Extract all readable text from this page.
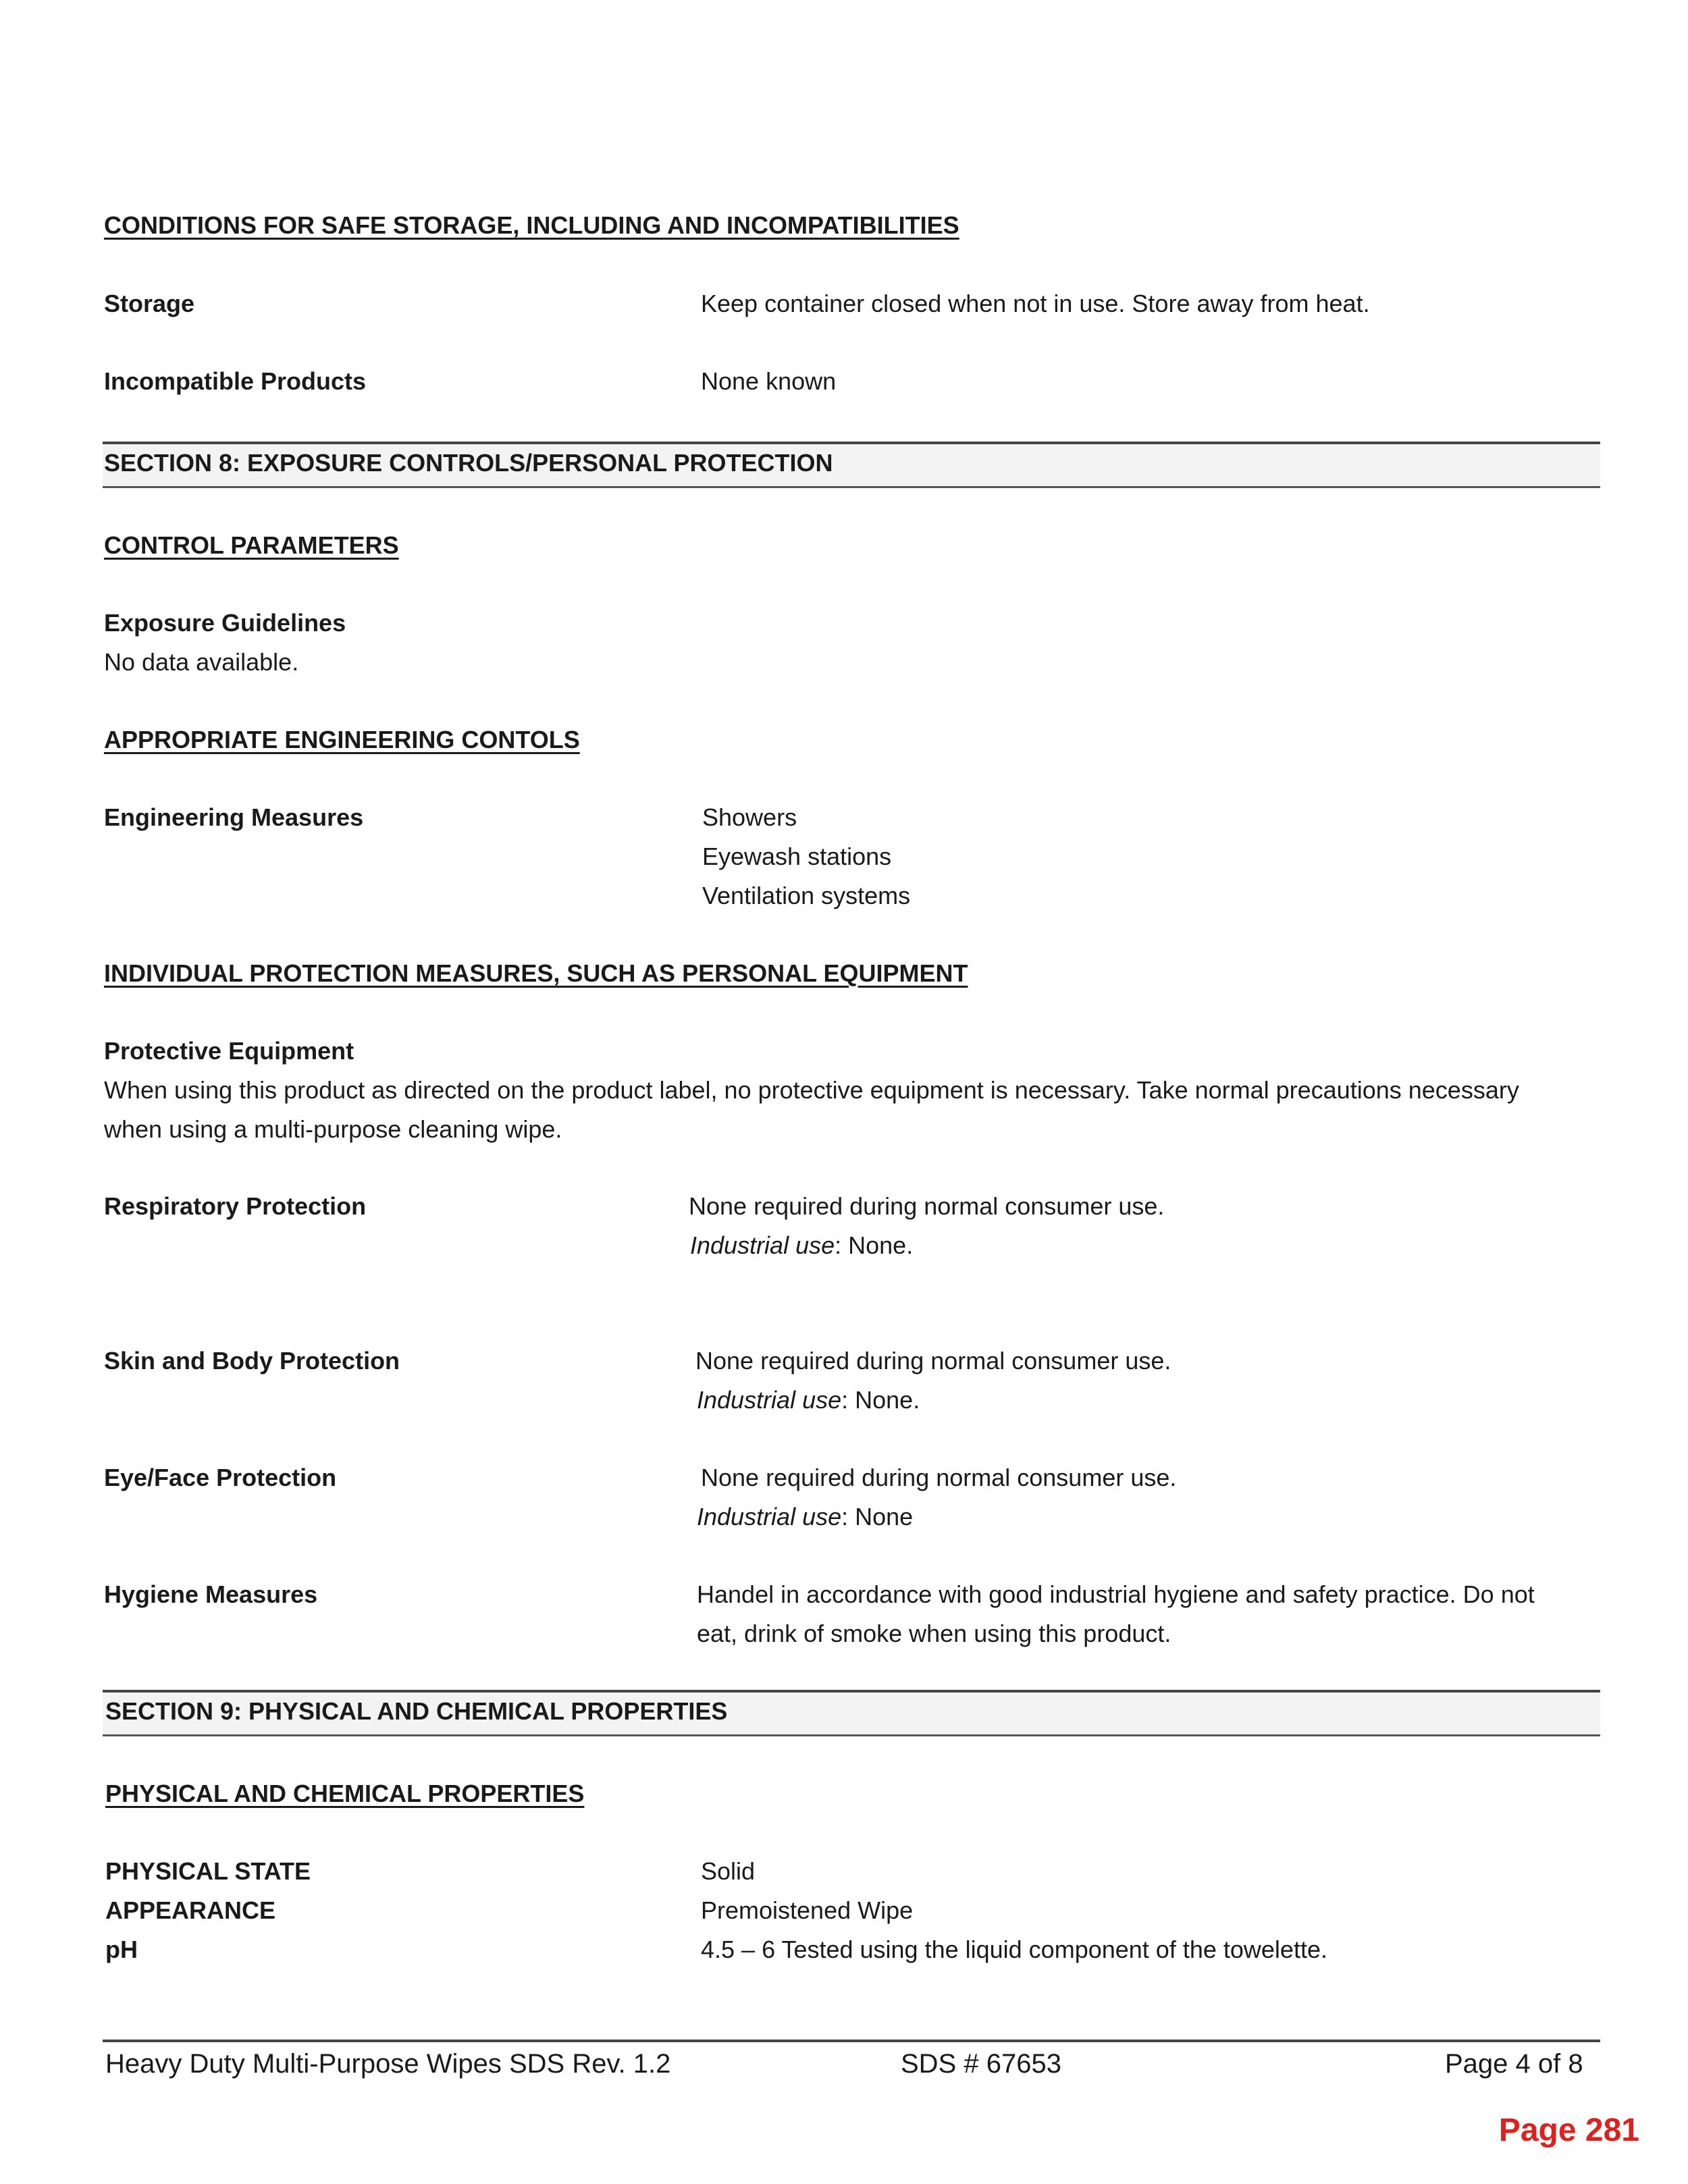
CONDITIONS FOR SAFE STORAGE, INCLUDING AND INCOMPATIBILITIES
Storage	Keep container closed when not in use. Store away from heat.
Incompatible Products	None known
SECTION 8: EXPOSURE CONTROLS/PERSONAL PROTECTION
CONTROL PARAMETERS
Exposure Guidelines
No data available.
APPROPRIATE ENGINEERING CONTOLS
Engineering Measures	Showers
Eyewash stations
Ventilation systems
INDIVIDUAL PROTECTION MEASURES, SUCH AS PERSONAL EQUIPMENT
Protective Equipment
When using this product as directed on the product label, no protective equipment is necessary. Take normal precautions necessary
when using a multi-purpose cleaning wipe.
Respiratory Protection	None required during normal consumer use.
Industrial use: None.
Skin and Body Protection	None required during normal consumer use.
Industrial use: None.
Eye/Face Protection	None required during normal consumer use.
Industrial use: None
Hygiene Measures	Handel in accordance with good industrial hygiene and safety practice. Do not
eat, drink of smoke when using this product.
SECTION 9: PHYSICAL AND CHEMICAL PROPERTIES
PHYSICAL AND CHEMICAL PROPERTIES
PHYSICAL STATE	Solid
APPEARANCE	Premoistened Wipe
pH	4.5 – 6 Tested using the liquid component of the towelette.
Heavy Duty Multi-Purpose Wipes SDS Rev. 1.2	SDS # 67653	Page 4 of 8
Page 281
